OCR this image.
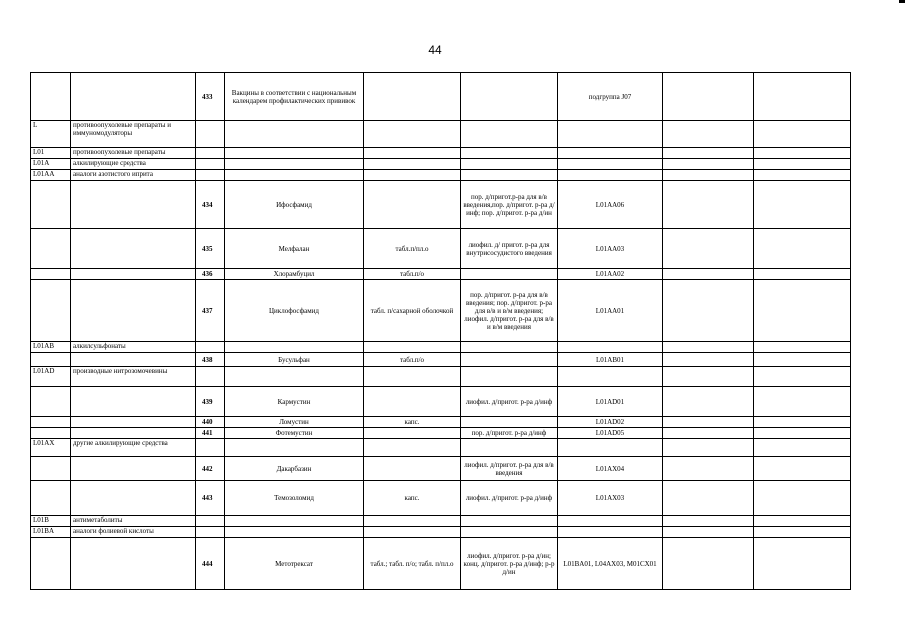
44
		433	Вакцины в соответствии с национальным календарем профилактических прививок			подгруппа J07		
L	противоопухолевые препараты и иммуномодуляторы							
L01	противоопухолевые препараты							
L01A	алкилирующие средства							
L01AA	аналоги азотистого иприта							
		434	Ифосфамид		пор. д/пригот.р-ра для в/в введения,пор. д/пригот. р-ра д/инф; пор. д/пригот. р-ра д/ин	L01AA06		
		435	Мелфалан	табл.п/пл.о	лиофил. д/ пригот. р-ра для внутрисосудистого введения	L01AA03		
		436	Хлорамбуцил	табл.п/о		L01AA02		
		437	Циклофосфамид	табл. п/сахарной оболочкой	пор. д/пригот. р-ра для в/в введения; пор. д/пригот. р-ра для в/в и в/м введения; лиофил. д/пригот. р-ра для в/в и в/м введения	L01AA01		
L01AB	алкилсульфонаты							
		438	Бусульфан	табл.п/о		L01AB01		
L01AD	производные нитрозомочевины							
		439	Кармустин		лиофил. д/пригот. р-ра д/инф	L01AD01		
		440	Ломустин	капс.		L01AD02		
		441	Фотемустин		пор. д/пригот. р-ра д/инф	L01AD05		
L01AX	другие алкилирующие средства							
		442	Дакарбазин		лиофил. д/пригот. р-ра для в/в введения	L01AX04		
		443	Темозоломид	капс.	лиофил. д/пригот. р-ра д/инф	L01AX03		
L01B	антиметаболиты							
L01BA	аналоги фолиевой кислоты							
		444	Метотрексат	табл.; табл. п/о; табл. п/пл.о	лиофил. д/пригот. р-ра д/ин; конц. д/пригот. р-ра д/инф; р-р д/ин	L01BA01, L04AX03, M01CX01		
